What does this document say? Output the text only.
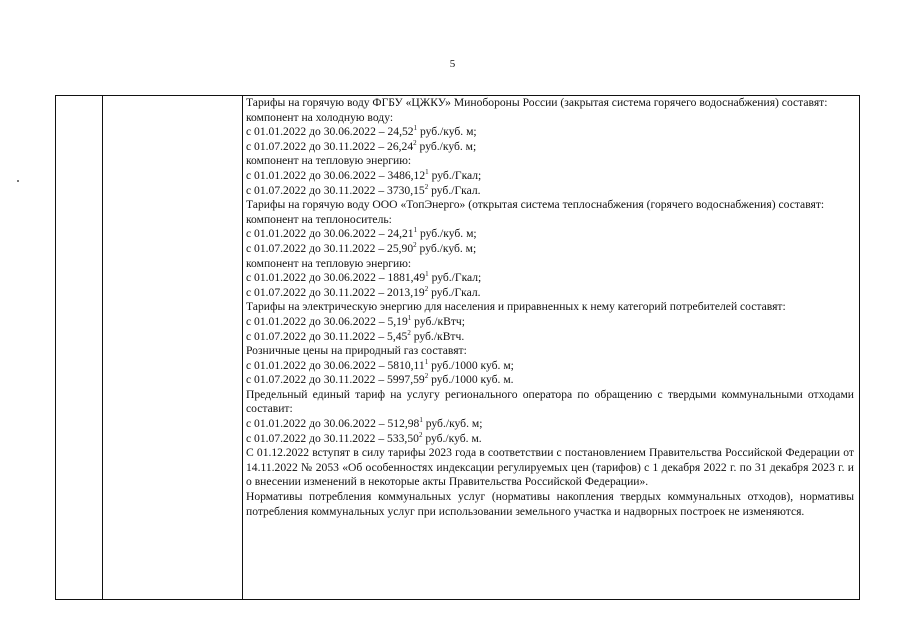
5
Тарифы на горячую воду ФГБУ «ЦЖКУ» Минобороны России (закрытая система горячего водоснабжения) составят:
компонент на холодную воду:
с 01.01.2022 до 30.06.2022 – 24,52$^1$ руб./куб. м;
с 01.07.2022 до 30.11.2022 – 26,24$^2$ руб./куб. м;
компонент на тепловую энергию:
с 01.01.2022 до 30.06.2022 – 3486,12$^1$ руб./Гкал;
с 01.07.2022 до 30.11.2022 – 3730,15$^2$ руб./Гкал.
Тарифы на горячую воду ООО «ТопЭнерго» (открытая система теплоснабжения (горячего водоснабжения) составят:
компонент на теплоноситель:
с 01.01.2022 до 30.06.2022 – 24,21$^1$ руб./куб. м;
с 01.07.2022 до 30.11.2022 – 25,90$^2$ руб./куб. м;
компонент на тепловую энергию:
с 01.01.2022 до 30.06.2022 – 1881,49$^1$ руб./Гкал;
с 01.07.2022 до 30.11.2022 – 2013,19$^2$ руб./Гкал.
Тарифы на электрическую энергию для населения и приравненных к нему категорий потребителей составят:
с 01.01.2022 до 30.06.2022 – 5,19$^1$ руб./кВтч;
с 01.07.2022 до 30.11.2022 – 5,45$^2$ руб./кВтч.
Розничные цены на природный газ составят:
с 01.01.2022 до 30.06.2022 – 5810,11$^1$ руб./1000 куб. м;
с 01.07.2022 до 30.11.2022 – 5997,59$^2$ руб./1000 куб. м.
Предельный единый тариф на услугу регионального оператора по обращению с твердыми коммунальными отходами составит:
с 01.01.2022 до 30.06.2022 – 512,98$^1$ руб./куб. м;
с 01.07.2022 до 30.11.2022 – 533,50$^2$ руб./куб. м.
С 01.12.2022 вступят в силу тарифы 2023 года в соответствии с постановлением Правительства Российской Федерации от 14.11.2022 № 2053 «Об особенностях индексации регулируемых цен (тарифов) с 1 декабря 2022 г. по 31 декабря 2023 г. и о внесении изменений в некоторые акты Правительства Российской Федерации».
Нормативы потребления коммунальных услуг (нормативы накопления твердых коммунальных отходов), нормативы потребления коммунальных услуг при использовании земельного участка и надворных построек не изменяются.
